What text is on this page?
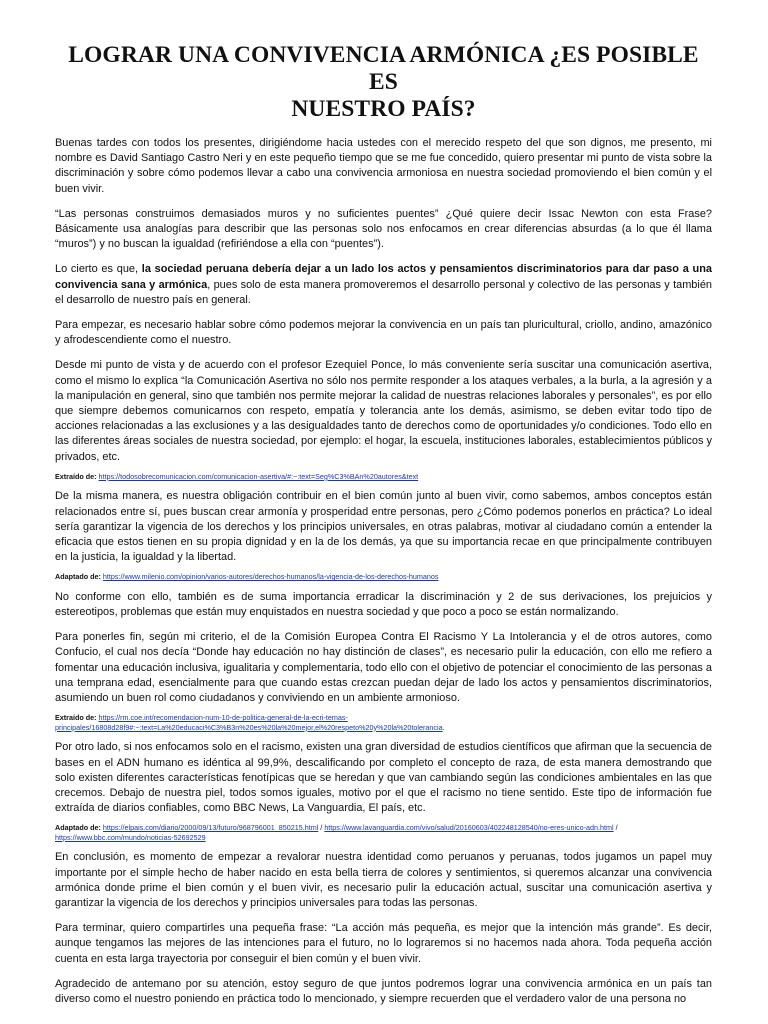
LOGRAR UNA CONVIVENCIA ARMÓNICA ¿ES POSIBLE ES
NUESTRO PAÍS?

Buenas tardes con todos los presentes, dirigiéndome hacia ustedes con el merecido respeto del que son dignos, me presento, mi nombre es David Santiago Castro Neri y en este pequeño tiempo que se me fue concedido, quiero presentar mi punto de vista sobre la discriminación y sobre cómo podemos llevar a cabo una convivencia armoniosa en nuestra sociedad promoviendo el bien común y el buen vivir.

“Las personas construimos demasiados muros y no suficientes puentes” ¿Qué quiere decir Issac Newton con esta Frase? Básicamente usa analogías para describir que las personas solo nos enfocamos en crear diferencias absurdas (a lo que él llama “muros”) y no buscan la igualdad (refiriéndose a ella con “puentes”).

Lo cierto es que, la sociedad peruana debería dejar a un lado los actos y pensamientos discriminatorios para dar paso a una convivencia sana y armónica, pues solo de esta manera promoveremos el desarrollo personal y colectivo de las personas y también el desarrollo de nuestro país en general.

Para empezar, es necesario hablar sobre cómo podemos mejorar la convivencia en un país tan pluricultural, criollo, andino, amazónico y afrodescendiente como el nuestro.

Desde mi punto de vista y de acuerdo con el profesor Ezequiel Ponce, lo más conveniente sería suscitar una comunicación asertiva, como el mismo lo explica “la Comunicación Asertiva no sólo nos permite responder a los ataques verbales, a la burla, a la agresión y a la manipulación en general, sino que también nos permite mejorar la calidad de nuestras relaciones laborales y personales”, es por ello que siempre debemos comunicarnos con respeto, empatía y tolerancia ante los demás, asimismo, se deben evitar todo tipo de acciones relacionadas a las exclusiones y a las desigualdades tanto de derechos como de oportunidades y/o condiciones. Todo ello en las diferentes áreas sociales de nuestra sociedad, por ejemplo: el hogar, la escuela, instituciones laborales, establecimientos públicos y privados, etc.

Extraído de: https://todosobrecomunicacion.com/comunicacion-asertiva/#:~:text=Seg%C3%BAn%20autores&text

De la misma manera, es nuestra obligación contribuir en el bien común junto al buen vivir, como sabemos, ambos conceptos están relacionados entre sí, pues buscan crear armonía y prosperidad entre personas, pero ¿Cómo podemos ponerlos en práctica? Lo ideal sería garantizar la vigencia de los derechos y los principios universales, en otras palabras, motivar al ciudadano común a entender la eficacia que estos tienen en su propia dignidad y en la de los demás, ya que su importancia recae en que principalmente contribuyen en la justicia, la igualdad y la libertad.

Adaptado de: https://www.milenio.com/opinion/varios-autores/derechos-humanos/la-vigencia-de-los-derechos-humanos

No conforme con ello, también es de suma importancia erradicar la discriminación y 2 de sus derivaciones, los prejuicios y estereotipos, problemas que están muy enquistados en nuestra sociedad y que poco a poco se están normalizando.

Para ponerles fin, según mi criterio, el de la Comisión Europea Contra El Racismo Y La Intolerancia y el de otros autores, como Confucio, el cual nos decía “Donde hay educación no hay distinción de clases”, es necesario pulir la educación, con ello me refiero a fomentar una educación inclusiva, igualitaria y complementaria, todo ello con el objetivo de potenciar el conocimiento de las personas a una temprana edad, esencialmente para que cuando estas crezcan puedan dejar de lado los actos y pensamientos discriminatorios, asumiendo un buen rol como ciudadanos y conviviendo en un ambiente armonioso.

Extraído de: https://rm.coe.int/recomendacion-num-10-de-politica-general-de-la-ecri-temas-principales/16808d28f9#:~:text=La%20educaci%C3%B3n%20es%20la%20mejor,el%20respeto%20y%20la%20tolerancia.

Por otro lado, si nos enfocamos solo en el racismo, existen una gran diversidad de estudios científicos que afirman que la secuencia de bases en el ADN humano es idéntica al 99,9%, descalificando por completo el concepto de raza, de esta manera demostrando que solo existen diferentes características fenotípicas que se heredan y que van cambiando según las condiciones ambientales en las que crecemos. Debajo de nuestra piel, todos somos iguales, motivo por el que el racismo no tiene sentido. Este tipo de información fue extraída de diarios confiables, como BBC News, La Vanguardia, El país, etc.

Adaptado de: https://elpais.com/diario/2000/09/13/futuro/968796001_850215.html / https://www.lavanguardia.com/vivo/salud/20160603/402248128540/no-eres-unico-adn.html / https://www.bbc.com/mundo/noticias-52692529

En conclusión, es momento de empezar a revalorar nuestra identidad como peruanos y peruanas, todos jugamos un papel muy importante por el simple hecho de haber nacido en esta bella tierra de colores y sentimientos, si queremos alcanzar una convivencia armónica donde prime el bien común y el buen vivir, es necesario pulir la educación actual, suscitar una comunicación asertiva y garantizar la vigencia de los derechos y principios universales para todas las personas.

Para terminar, quiero compartirles una pequeña frase: “La acción más pequeña, es mejor que la intención más grande”. Es decir, aunque tengamos las mejores de las intenciones para el futuro, no lo lograremos si no hacemos nada ahora. Toda pequeña acción cuenta en esta larga trayectoria por conseguir el bien común y el buen vivir.

Agradecido de antemano por su atención, estoy seguro de que juntos podremos lograr una convivencia armónica en un país tan diverso como el nuestro poniendo en práctica todo lo mencionado, y siempre recuerden que el verdadero valor de una persona no
